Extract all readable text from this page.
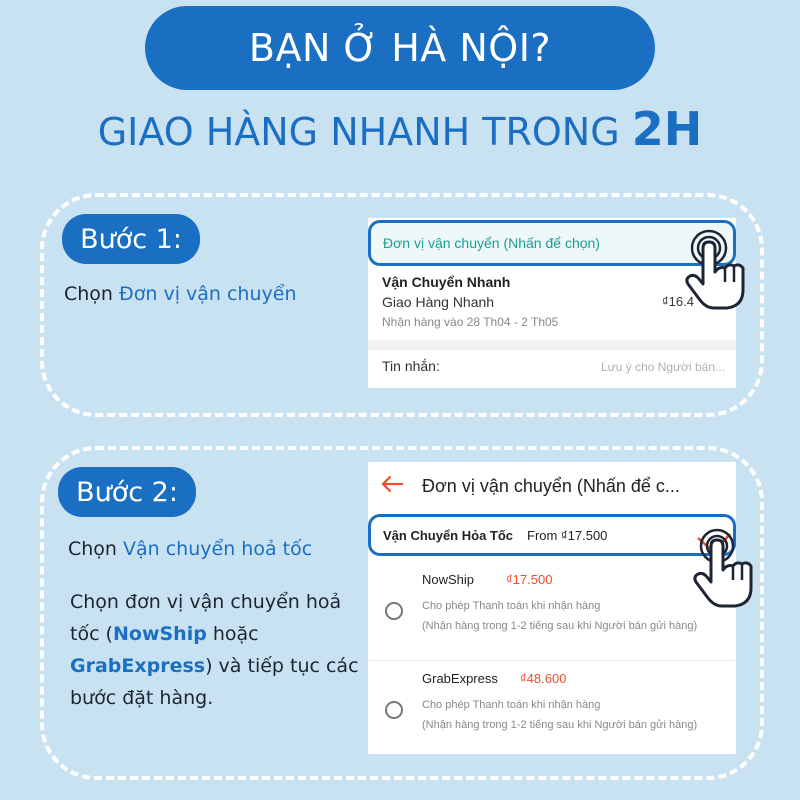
BẠN Ở HÀ NỘI?
GIAO HÀNG NHANH TRONG 2H
Bước 1:
Chọn Đơn vị vận chuyển
Đơn vị vận chuyển (Nhấn để chọn)
Vận Chuyển Nhanh
Giao Hàng Nhanh	₫16.4
Nhận hàng vào 28 Th04 - 2 Th05
Tin nhắn:	Lưu ý cho Người bán...
Bước 2:
Chọn Vận chuyển hoả tốc
Chọn đơn vị vận chuyển hoả tốc (NowShip hoặc GrabExpress) và tiếp tục các bước đặt hàng.
Đơn vị vận chuyển (Nhấn để c...
Vận Chuyển Hỏa Tốc From ₫17.500
NowShip ₫17.500
Cho phép Thanh toán khi nhận hàng
(Nhận hàng trong 1-2 tiếng sau khi Người bán gửi hàng)
GrabExpress ₫48.600
Cho phép Thanh toán khi nhận hàng
(Nhận hàng trong 1-2 tiếng sau khi Người bán gửi hàng)
